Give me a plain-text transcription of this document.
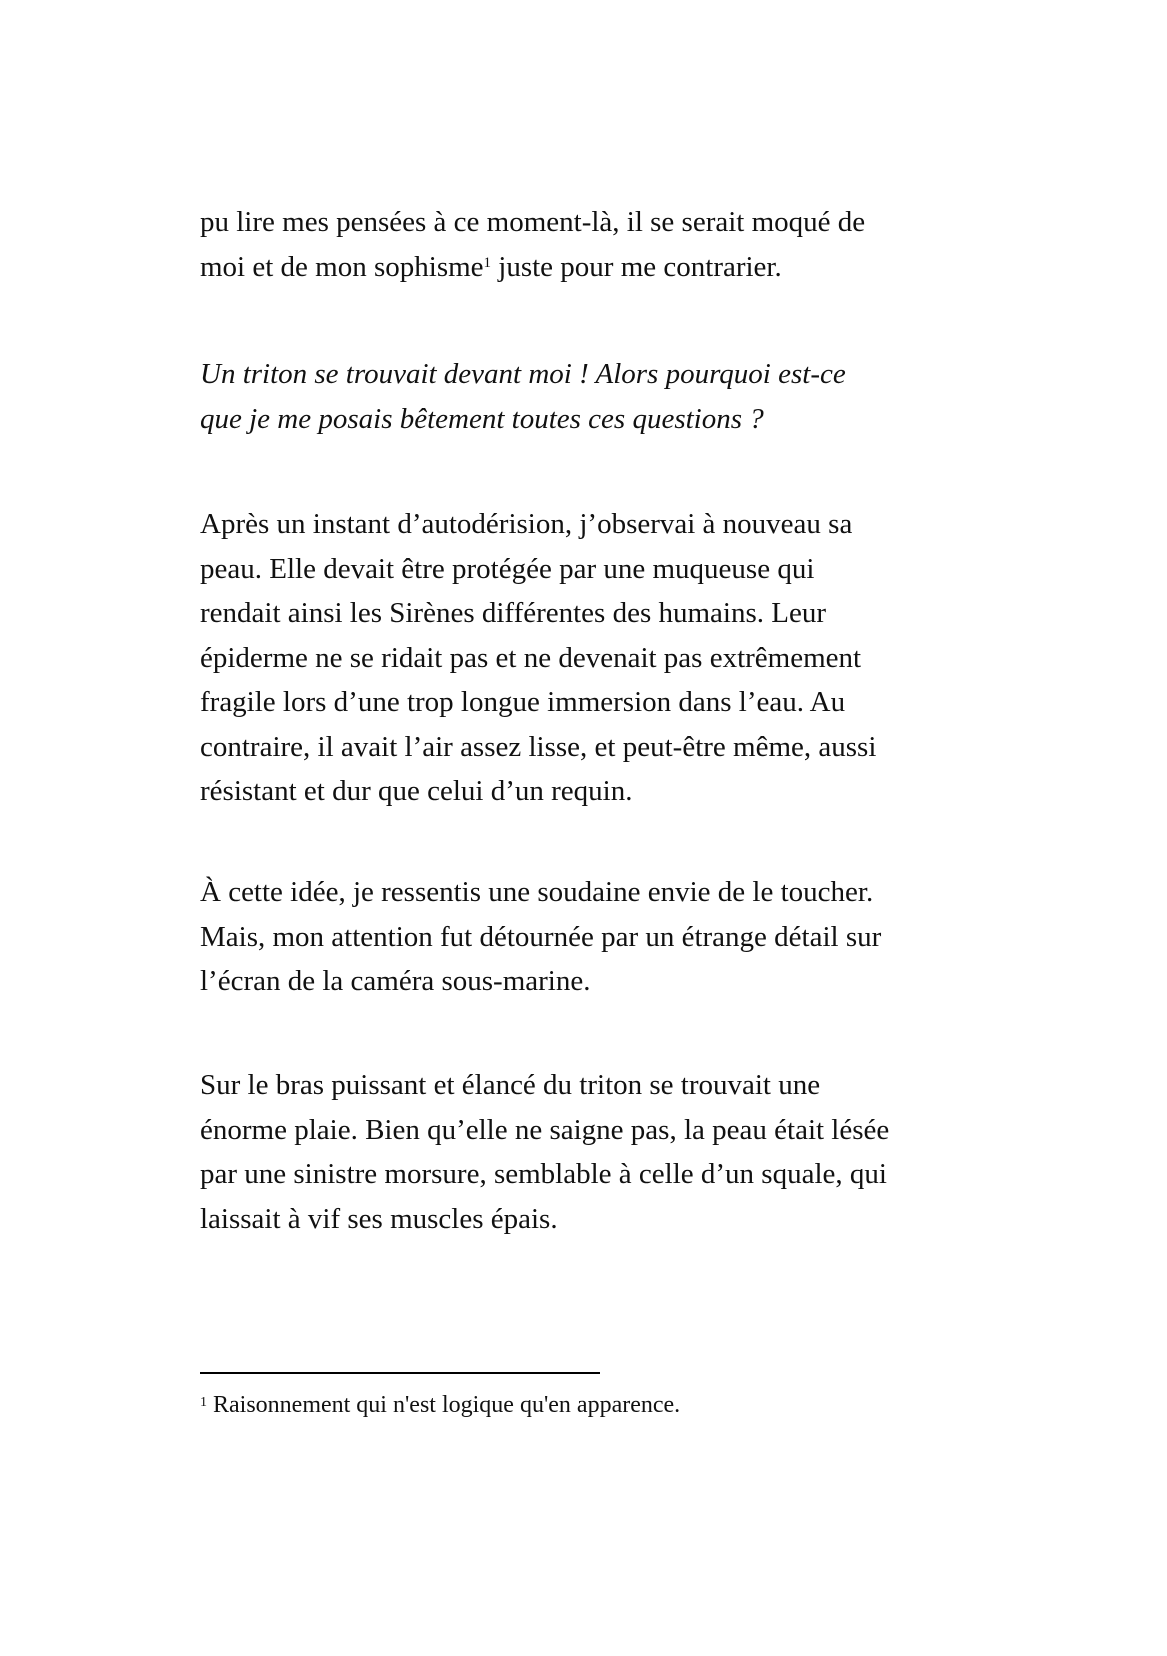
pu lire mes pensées à ce moment-là, il se serait moqué de
moi et de mon sophisme$^1$ juste pour me contrarier.
Un triton se trouvait devant moi ! Alors pourquoi est-ce
que je me posais bêtement toutes ces questions ?
Après un instant d’autodérision, j’observai à nouveau sa
peau. Elle devait être protégée par une muqueuse qui
rendait ainsi les Sirènes différentes des humains. Leur
épiderme ne se ridait pas et ne devenait pas extrêmement
fragile lors d’une trop longue immersion dans l’eau. Au
contraire, il avait l’air assez lisse, et peut-être même, aussi
résistant et dur que celui d’un requin.
À cette idée, je ressentis une soudaine envie de le toucher.
Mais, mon attention fut détournée par un étrange détail sur
l’écran de la caméra sous-marine.
Sur le bras puissant et élancé du triton se trouvait une
énorme plaie. Bien qu’elle ne saigne pas, la peau était lésée
par une sinistre morsure, semblable à celle d’un squale, qui
laissait à vif ses muscles épais.
$^1$ Raisonnement qui n'est logique qu'en apparence.
